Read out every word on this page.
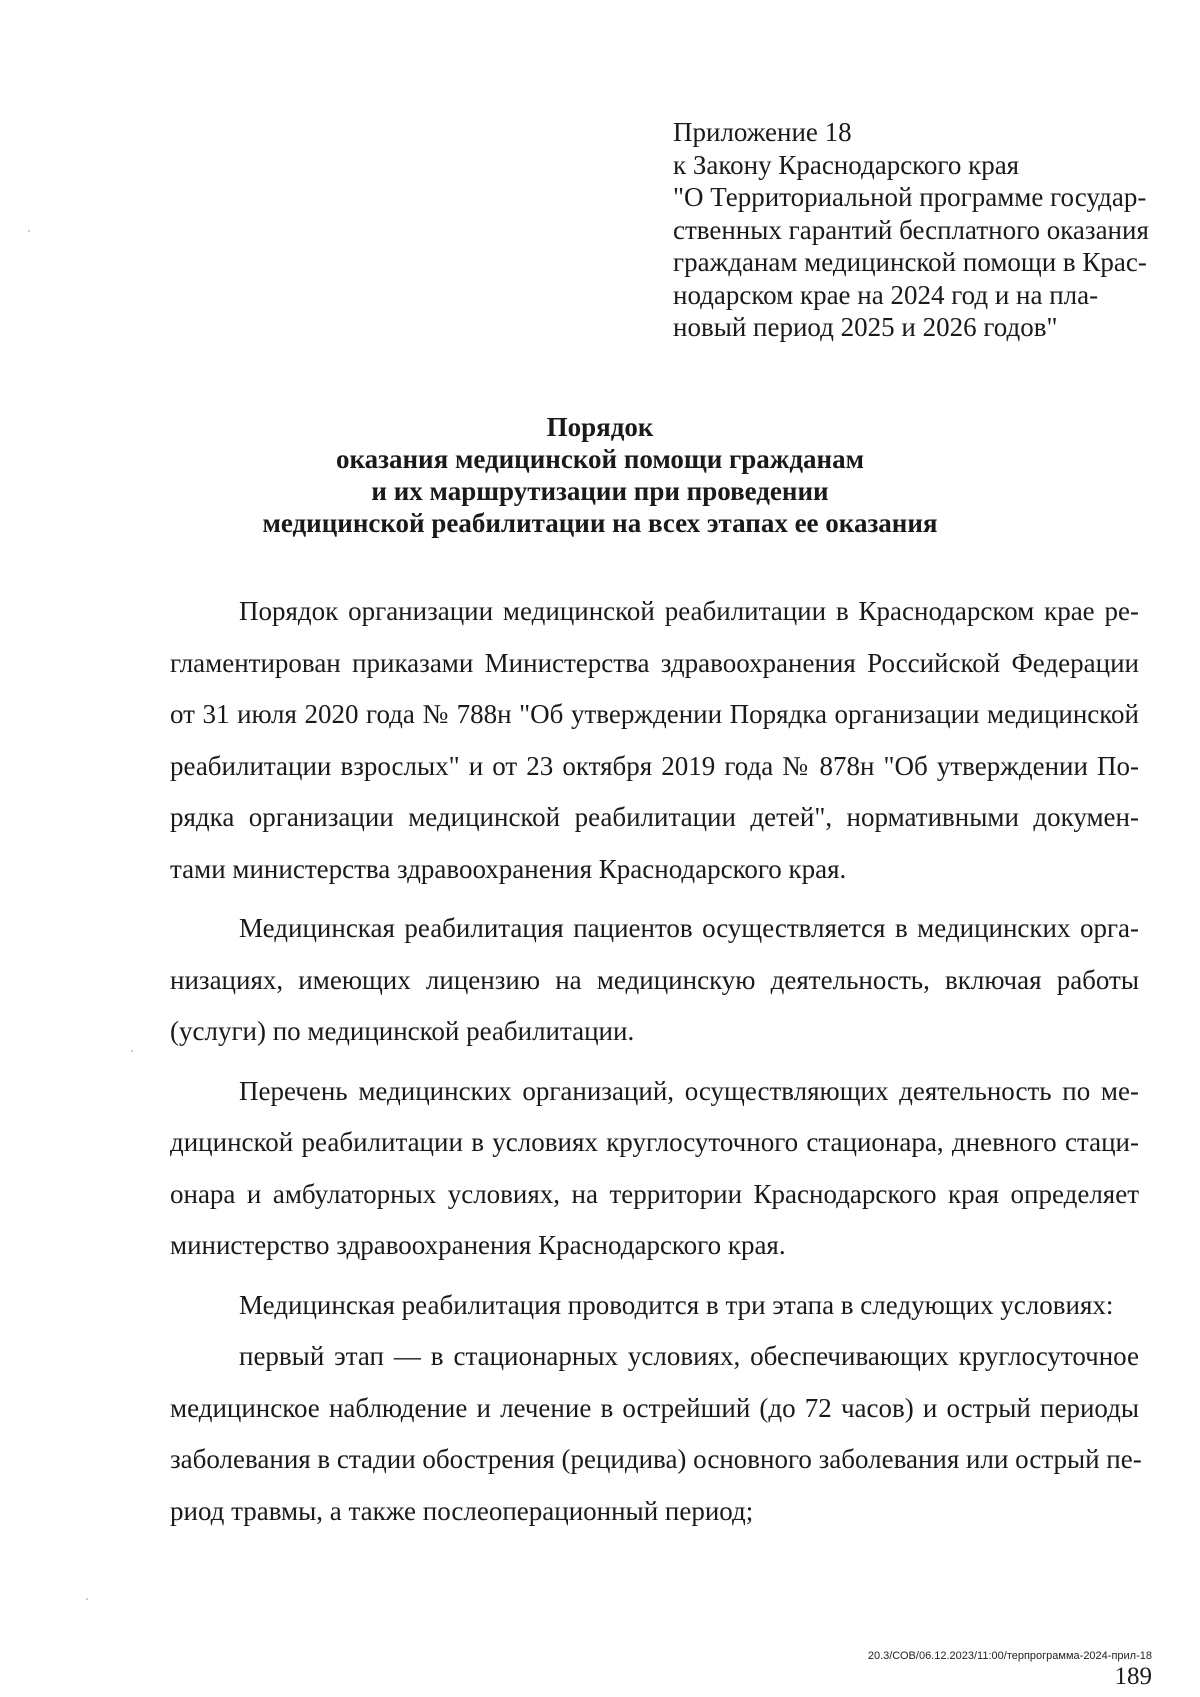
Приложение 18
к Закону Краснодарского края
"О Территориальной программе государ-
ственных гарантий бесплатного оказания
гражданам медицинской помощи в Крас-
нодарском крае на 2024 год и на пла-
новый период 2025 и 2026 годов"
Порядок
оказания медицинской помощи гражданам
и их маршрутизации при проведении
медицинской реабилитации на всех этапах ее оказания
Порядок организации медицинской реабилитации в Краснодарском крае ре-
гламентирован приказами Министерства здравоохранения Российской Федерации
от 31 июля 2020 года № 788н "Об утверждении Порядка организации медицинской
реабилитации взрослых" и от 23 октября 2019 года № 878н "Об утверждении По-
рядка организации медицинской реабилитации детей", нормативными докумен-
тами министерства здравоохранения Краснодарского края.
Медицинская реабилитация пациентов осуществляется в медицинских орга-
низациях, имеющих лицензию на медицинскую деятельность, включая работы
(услуги) по медицинской реабилитации.
Перечень медицинских организаций, осуществляющих деятельность по ме-
дицинской реабилитации в условиях круглосуточного стационара, дневного стаци-
онара и амбулаторных условиях, на территории Краснодарского края определяет
министерство здравоохранения Краснодарского края.
Медицинская реабилитация проводится в три этапа в следующих условиях:
первый этап — в стационарных условиях, обеспечивающих круглосуточное
медицинское наблюдение и лечение в острейший (до 72 часов) и острый периоды
заболевания в стадии обострения (рецидива) основного заболевания или острый пе-
риод травмы, а также послеоперационный период;
20.3/СОВ/06.12.2023/11:00/терпрограмма-2024-прил-18
189
